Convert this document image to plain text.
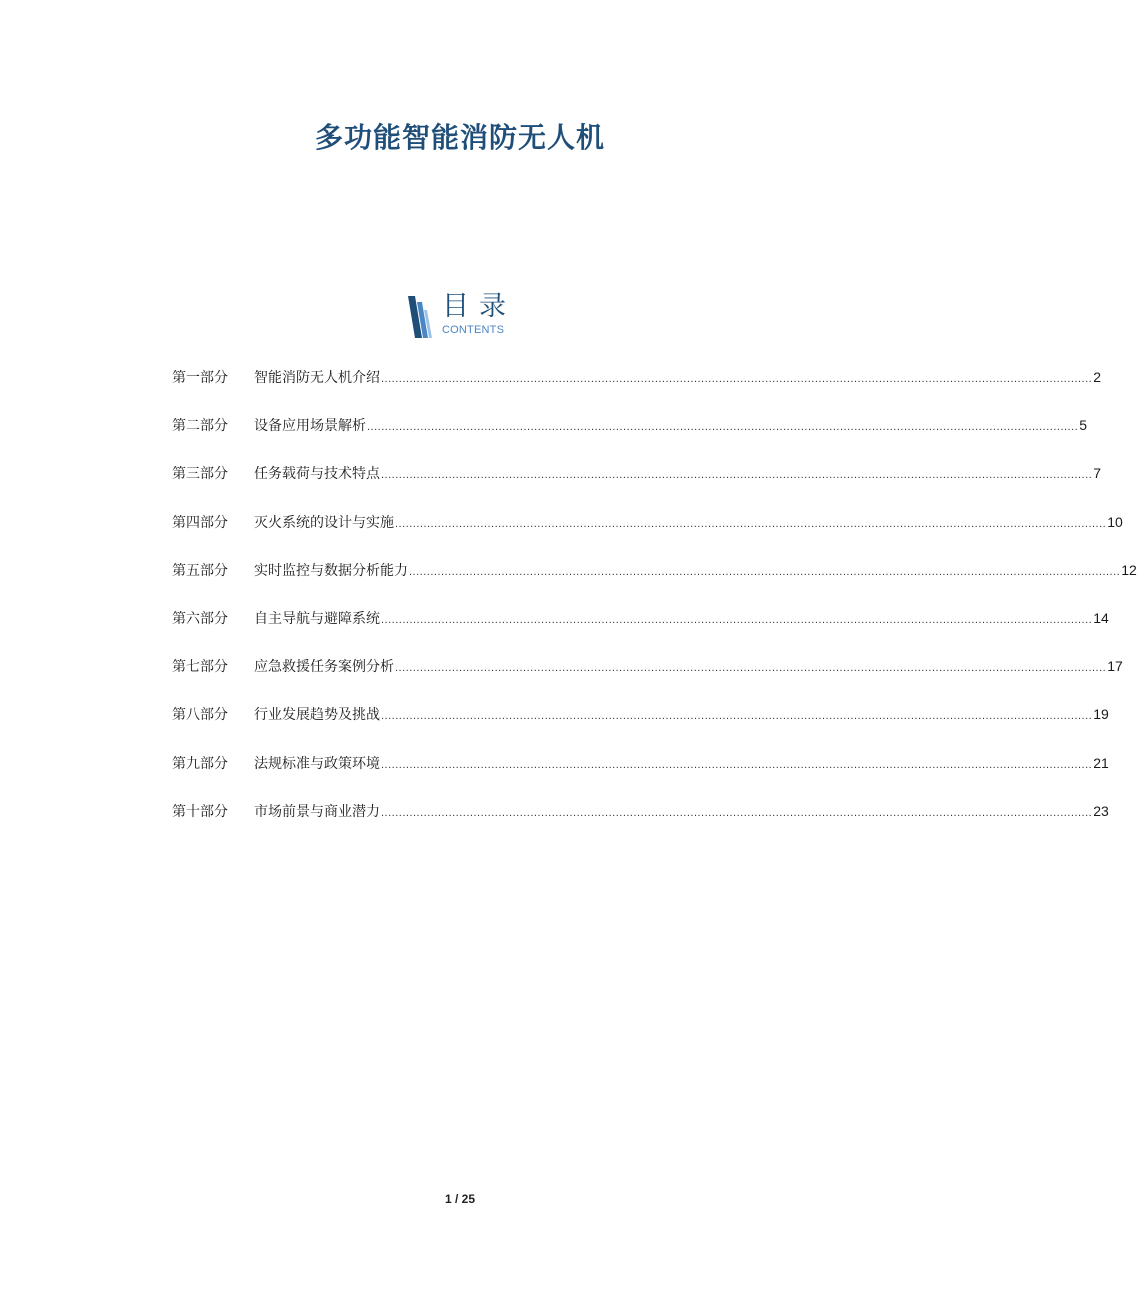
多功能智能消防无人机
目录
CONTENTS
第一部分	智能消防无人机介绍 ........................................................................................................................................................................................................ 2
第二部分	设备应用场景解析 ........................................................................................................................................................................................................ 5
第三部分	任务载荷与技术特点 ........................................................................................................................................................................................................ 7
第四部分	灭火系统的设计与实施 ........................................................................................................................................................................................................ 10
第五部分	实时监控与数据分析能力 ........................................................................................................................................................................................................ 12
第六部分	自主导航与避障系统 ........................................................................................................................................................................................................ 14
第七部分	应急救援任务案例分析 ........................................................................................................................................................................................................ 17
第八部分	行业发展趋势及挑战 ........................................................................................................................................................................................................ 19
第九部分	法规标准与政策环境 ........................................................................................................................................................................................................ 21
第十部分	市场前景与商业潜力 ........................................................................................................................................................................................................ 23
1 / 25
